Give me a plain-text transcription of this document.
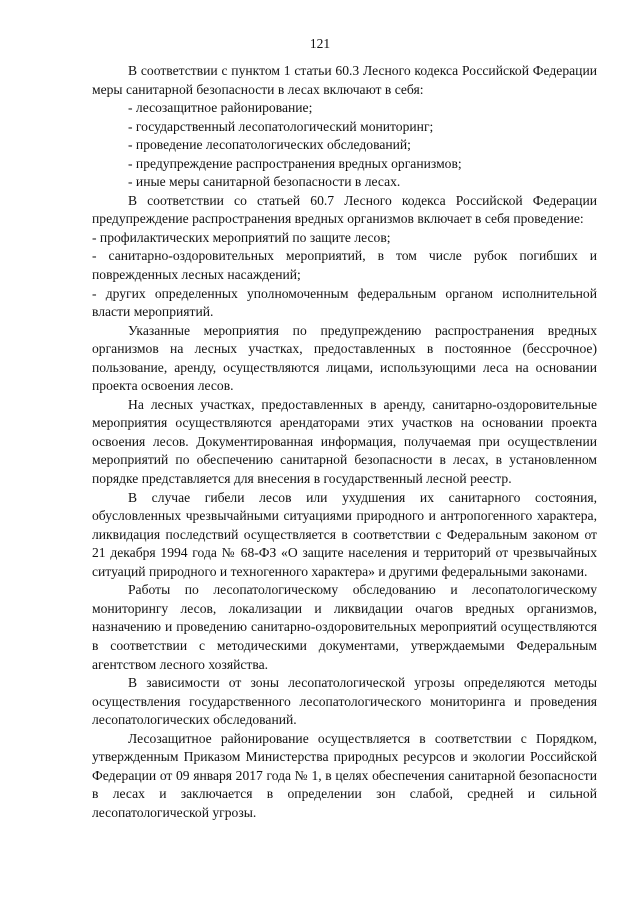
121

В соответствии с пунктом 1 статьи 60.3 Лесного кодекса Российской Федерации меры санитарной безопасности в лесах включают в себя:

- лесозащитное районирование;

- государственный лесопатологический мониторинг;

- проведение лесопатологических обследований;

- предупреждение распространения вредных организмов;

- иные меры санитарной безопасности в лесах.

В соответствии со статьей 60.7 Лесного кодекса Российской Федерации предупреждение распространения вредных организмов включает в себя проведение:

- профилактических мероприятий по защите лесов;

- санитарно-оздоровительных мероприятий, в том числе рубок погибших и поврежденных лесных насаждений;

- других определенных уполномоченным федеральным органом исполнительной власти мероприятий.

Указанные мероприятия по предупреждению распространения вредных организмов на лесных участках, предоставленных в постоянное (бессрочное) пользование, аренду, осуществляются лицами, использующими леса на основании проекта освоения лесов.

На лесных участках, предоставленных в аренду, санитарно-оздоровительные мероприятия осуществляются арендаторами этих участков на основании проекта освоения лесов. Документированная информация, получаемая при осуществлении мероприятий по обеспечению санитарной безопасности в лесах, в установленном порядке представляется для внесения в государственный лесной реестр.

В случае гибели лесов или ухудшения их санитарного состояния, обусловленных чрезвычайными ситуациями природного и антропогенного характера, ликвидация последствий осуществляется в соответствии с Федеральным законом от 21 декабря 1994 года № 68-ФЗ «О защите населения и территорий от чрезвычайных ситуаций природного и техногенного характера» и другими федеральными законами.

Работы по лесопатологическому обследованию и лесопатологическому мониторингу лесов, локализации и ликвидации очагов вредных организмов, назначению и проведению санитарно-оздоровительных мероприятий осуществляются в соответствии с методическими документами, утверждаемыми Федеральным агентством лесного хозяйства.

В зависимости от зоны лесопатологической угрозы определяются методы осуществления государственного лесопатологического мониторинга и проведения лесопатологических обследований.

Лесозащитное районирование осуществляется в соответствии с Порядком, утвержденным Приказом Министерства природных ресурсов и экологии Российской Федерации от 09 января 2017 года № 1, в целях обеспечения санитарной безопасности в лесах и заключается в определении зон слабой, средней и сильной лесопатологической угрозы.
